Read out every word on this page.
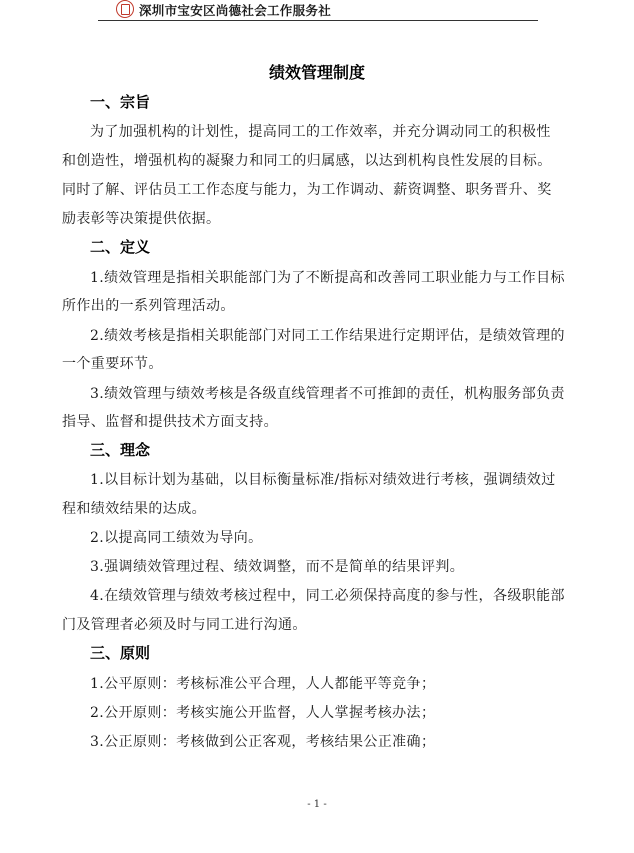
深圳市宝安区尚德社会工作服务社
绩效管理制度
一、宗旨
为了加强机构的计划性，提高同工的工作效率，并充分调动同工的积极性
和创造性，增强机构的凝聚力和同工的归属感，以达到机构良性发展的目标。
同时了解、评估员工工作态度与能力，为工作调动、薪资调整、职务晋升、奖
励表彰等决策提供依据。
二、定义
1.绩效管理是指相关职能部门为了不断提高和改善同工职业能力与工作目标
所作出的一系列管理活动。
2.绩效考核是指相关职能部门对同工工作结果进行定期评估，是绩效管理的
一个重要环节。
3.绩效管理与绩效考核是各级直线管理者不可推卸的责任，机构服务部负责
指导、监督和提供技术方面支持。
三、理念
1.以目标计划为基础，以目标衡量标准/指标对绩效进行考核，强调绩效过
程和绩效结果的达成。
2.以提高同工绩效为导向。
3.强调绩效管理过程、绩效调整，而不是简单的结果评判。
4.在绩效管理与绩效考核过程中，同工必须保持高度的参与性，各级职能部
门及管理者必须及时与同工进行沟通。
三、原则
1.公平原则：考核标准公平合理，人人都能平等竞争；
2.公开原则：考核实施公开监督，人人掌握考核办法；
3.公正原则：考核做到公正客观，考核结果公正准确；
- 1 -
